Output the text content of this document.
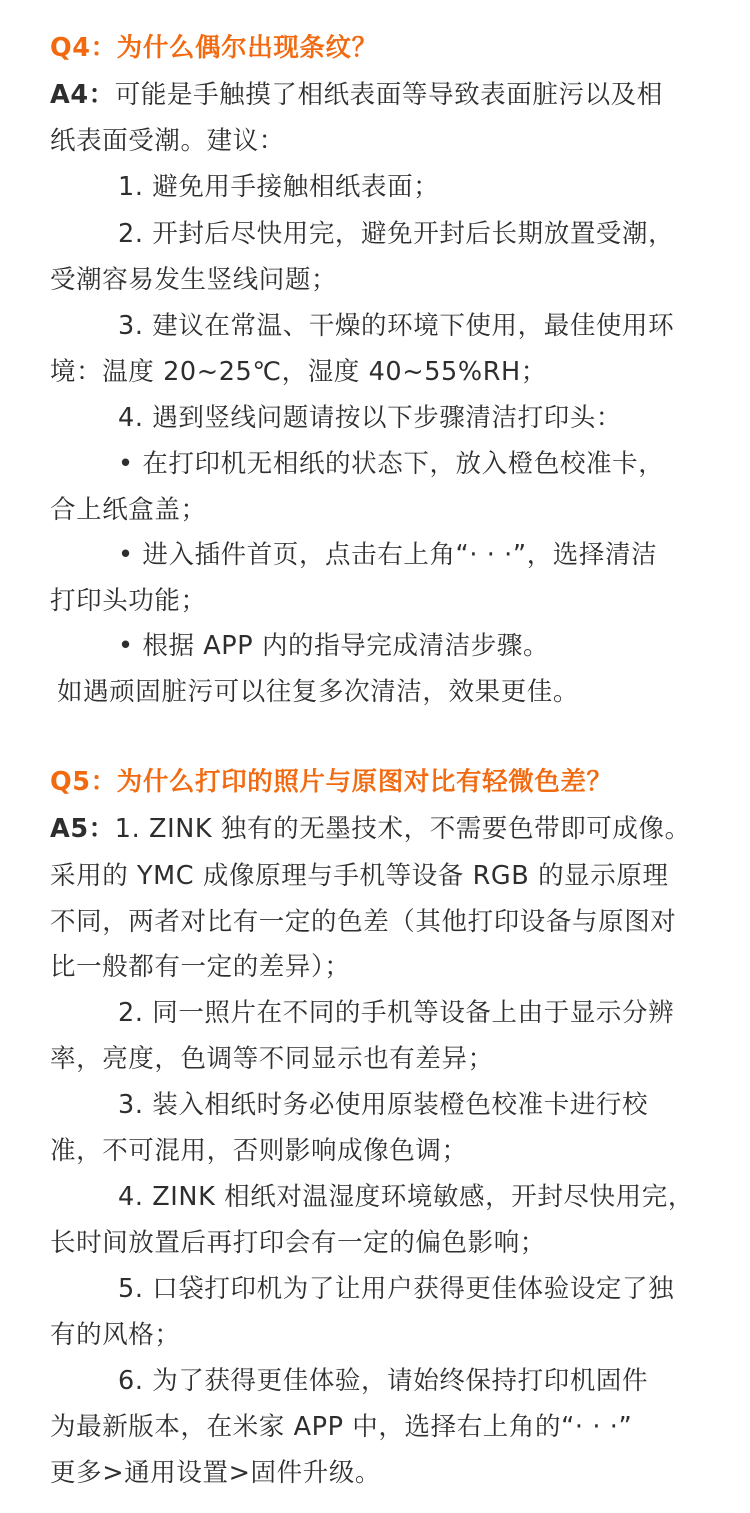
Q4：为什么偶尔出现条纹？
A4：可能是手触摸了相纸表面等导致表面脏污以及相
纸表面受潮。建议：
1. 避免用手接触相纸表面；
2. 开封后尽快用完，避免开封后长期放置受潮，
受潮容易发生竖线问题；
3. 建议在常温、干燥的环境下使用，最佳使用环
境：温度 20~25℃，湿度 40~55%RH；
4. 遇到竖线问题请按以下步骤清洁打印头：
• 在打印机无相纸的状态下，放入橙色校准卡，
合上纸盒盖；
• 进入插件首页，点击右上角“· · ·”，选择清洁
打印头功能；
• 根据 APP 内的指导完成清洁步骤。
如遇顽固脏污可以往复多次清洁，效果更佳。
Q5：为什么打印的照片与原图对比有轻微色差？
A5：1. ZINK 独有的无墨技术，不需要色带即可成像。
采用的 YMC 成像原理与手机等设备 RGB 的显示原理
不同，两者对比有一定的色差（其他打印设备与原图对
比一般都有一定的差异）；
2. 同一照片在不同的手机等设备上由于显示分辨
率，亮度，色调等不同显示也有差异；
3. 装入相纸时务必使用原装橙色校准卡进行校
准，不可混用，否则影响成像色调；
4. ZINK 相纸对温湿度环境敏感，开封尽快用完，
长时间放置后再打印会有一定的偏色影响；
5. 口袋打印机为了让用户获得更佳体验设定了独
有的风格；
6. 为了获得更佳体验，请始终保持打印机固件
为最新版本，在米家 APP 中，选择右上角的“· · ·”
更多>通用设置>固件升级。
